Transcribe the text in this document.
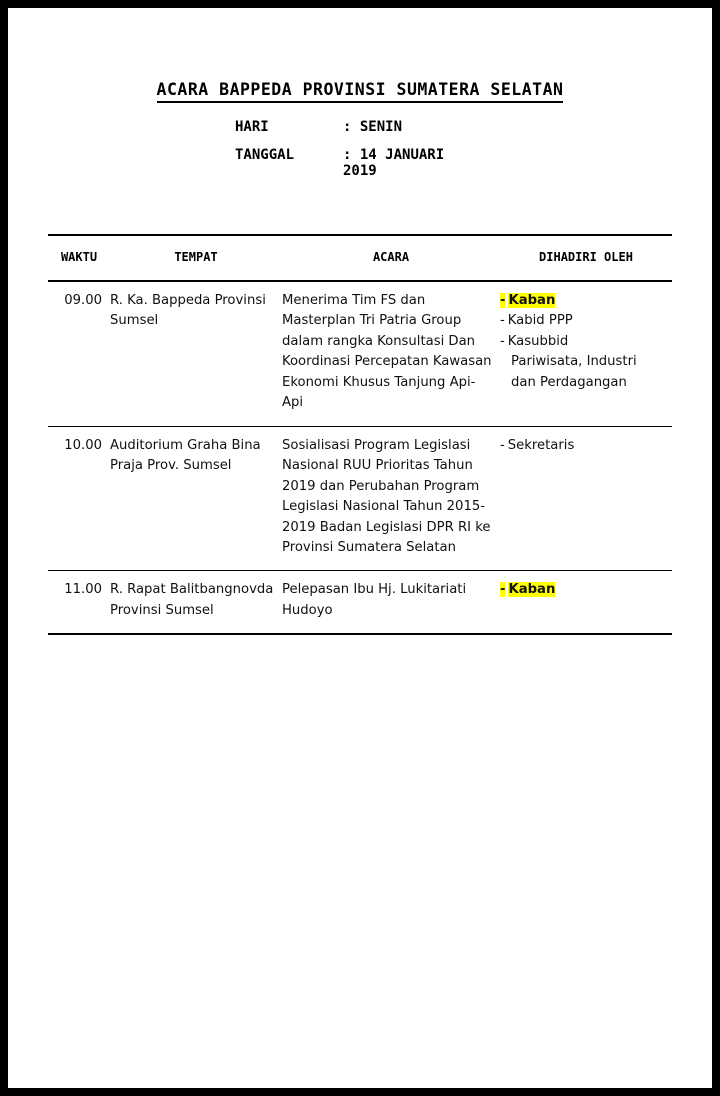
ACARA BAPPEDA PROVINSI SUMATERA SELATAN
HARI	: SENIN
TANGGAL	: 14 JANUARI 2019
WAKTU	TEMPAT	ACARA	DIHADIRI OLEH
09.00	R. Ka. Bappeda Provinsi Sumsel	Menerima Tim FS dan Masterplan Tri Patria Group dalam rangka Konsultasi Dan Koordinasi Percepatan Kawasan Ekonomi Khusus Tanjung Api-Api	- Kaban
- Kabid PPP
- Kasubbid
Pariwisata, Industri dan Perdagangan

10.00	Auditorium Graha Bina Praja Prov. Sumsel	Sosialisasi Program Legislasi Nasional RUU Prioritas Tahun 2019 dan Perubahan Program Legislasi Nasional Tahun 2015-2019 Badan Legislasi DPR RI ke Provinsi Sumatera Selatan	- Sekretaris

11.00	R. Rapat Balitbangnovda Provinsi Sumsel	Pelepasan Ibu Hj. Lukitariati Hudoyo	- Kaban
